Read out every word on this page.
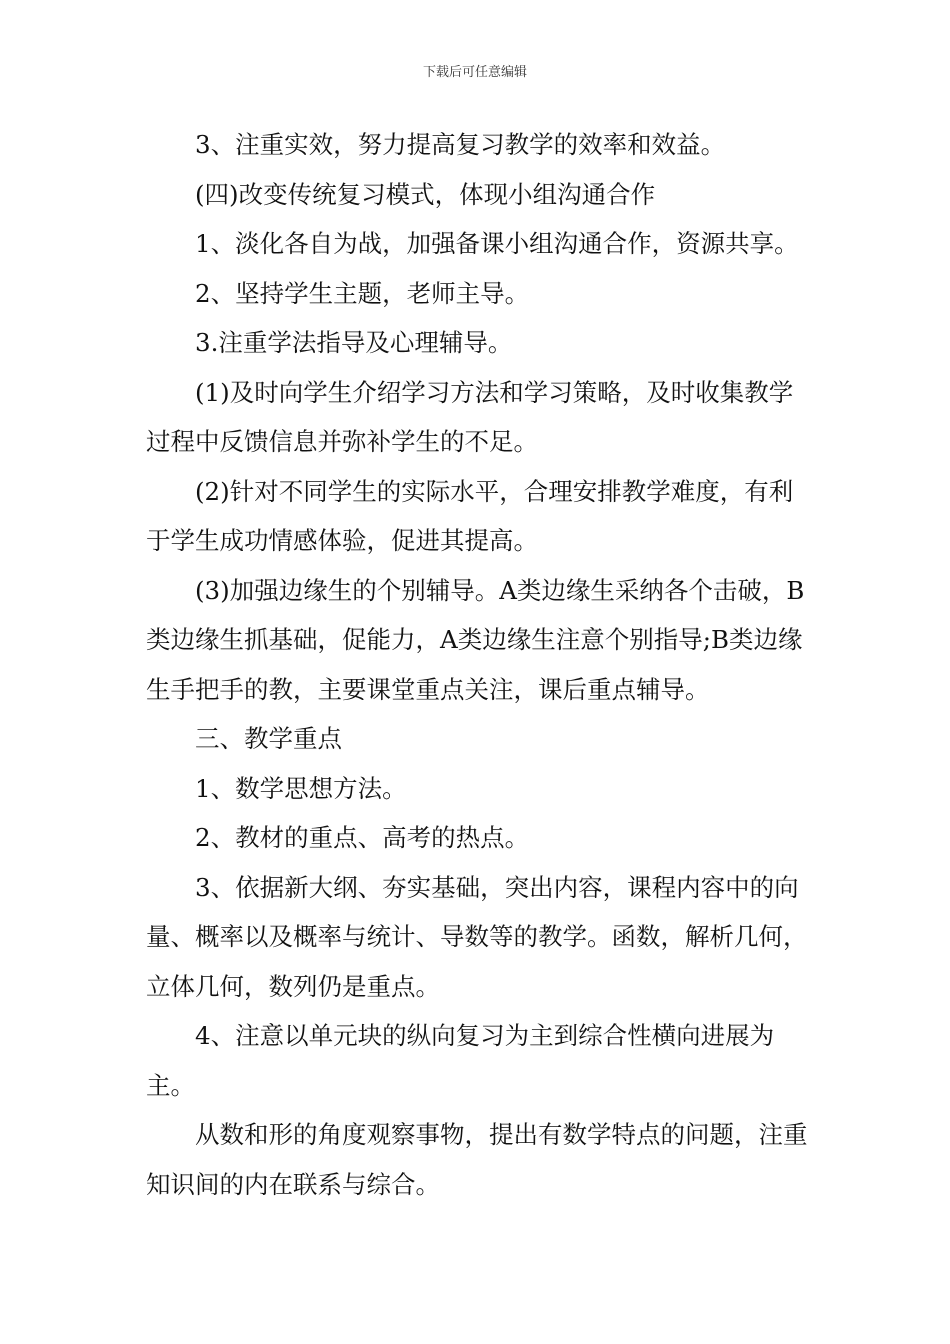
下载后可任意编辑

3、注重实效，努力提高复习教学的效率和效益。

(四)改变传统复习模式，体现小组沟通合作

1、淡化各自为战，加强备课小组沟通合作，资源共享。

2、坚持学生主题，老师主导。

3.注重学法指导及心理辅导。

(1)及时向学生介绍学习方法和学习策略，及时收集教学过程中反馈信息并弥补学生的不足。

(2)针对不同学生的实际水平，合理安排教学难度，有利于学生成功情感体验，促进其提高。

(3)加强边缘生的个别辅导。A类边缘生采纳各个击破，B类边缘生抓基础，促能力，A类边缘生注意个别指导;B类边缘生手把手的教，主要课堂重点关注，课后重点辅导。

三、教学重点

1、数学思想方法。

2、教材的重点、高考的热点。

3、依据新大纲、夯实基础，突出内容，课程内容中的向量、概率以及概率与统计、导数等的教学。函数，解析几何，立体几何，数列仍是重点。

4、注意以单元块的纵向复习为主到综合性横向进展为主。

从数和形的角度观察事物，提出有数学特点的问题，注重知识间的内在联系与综合。
